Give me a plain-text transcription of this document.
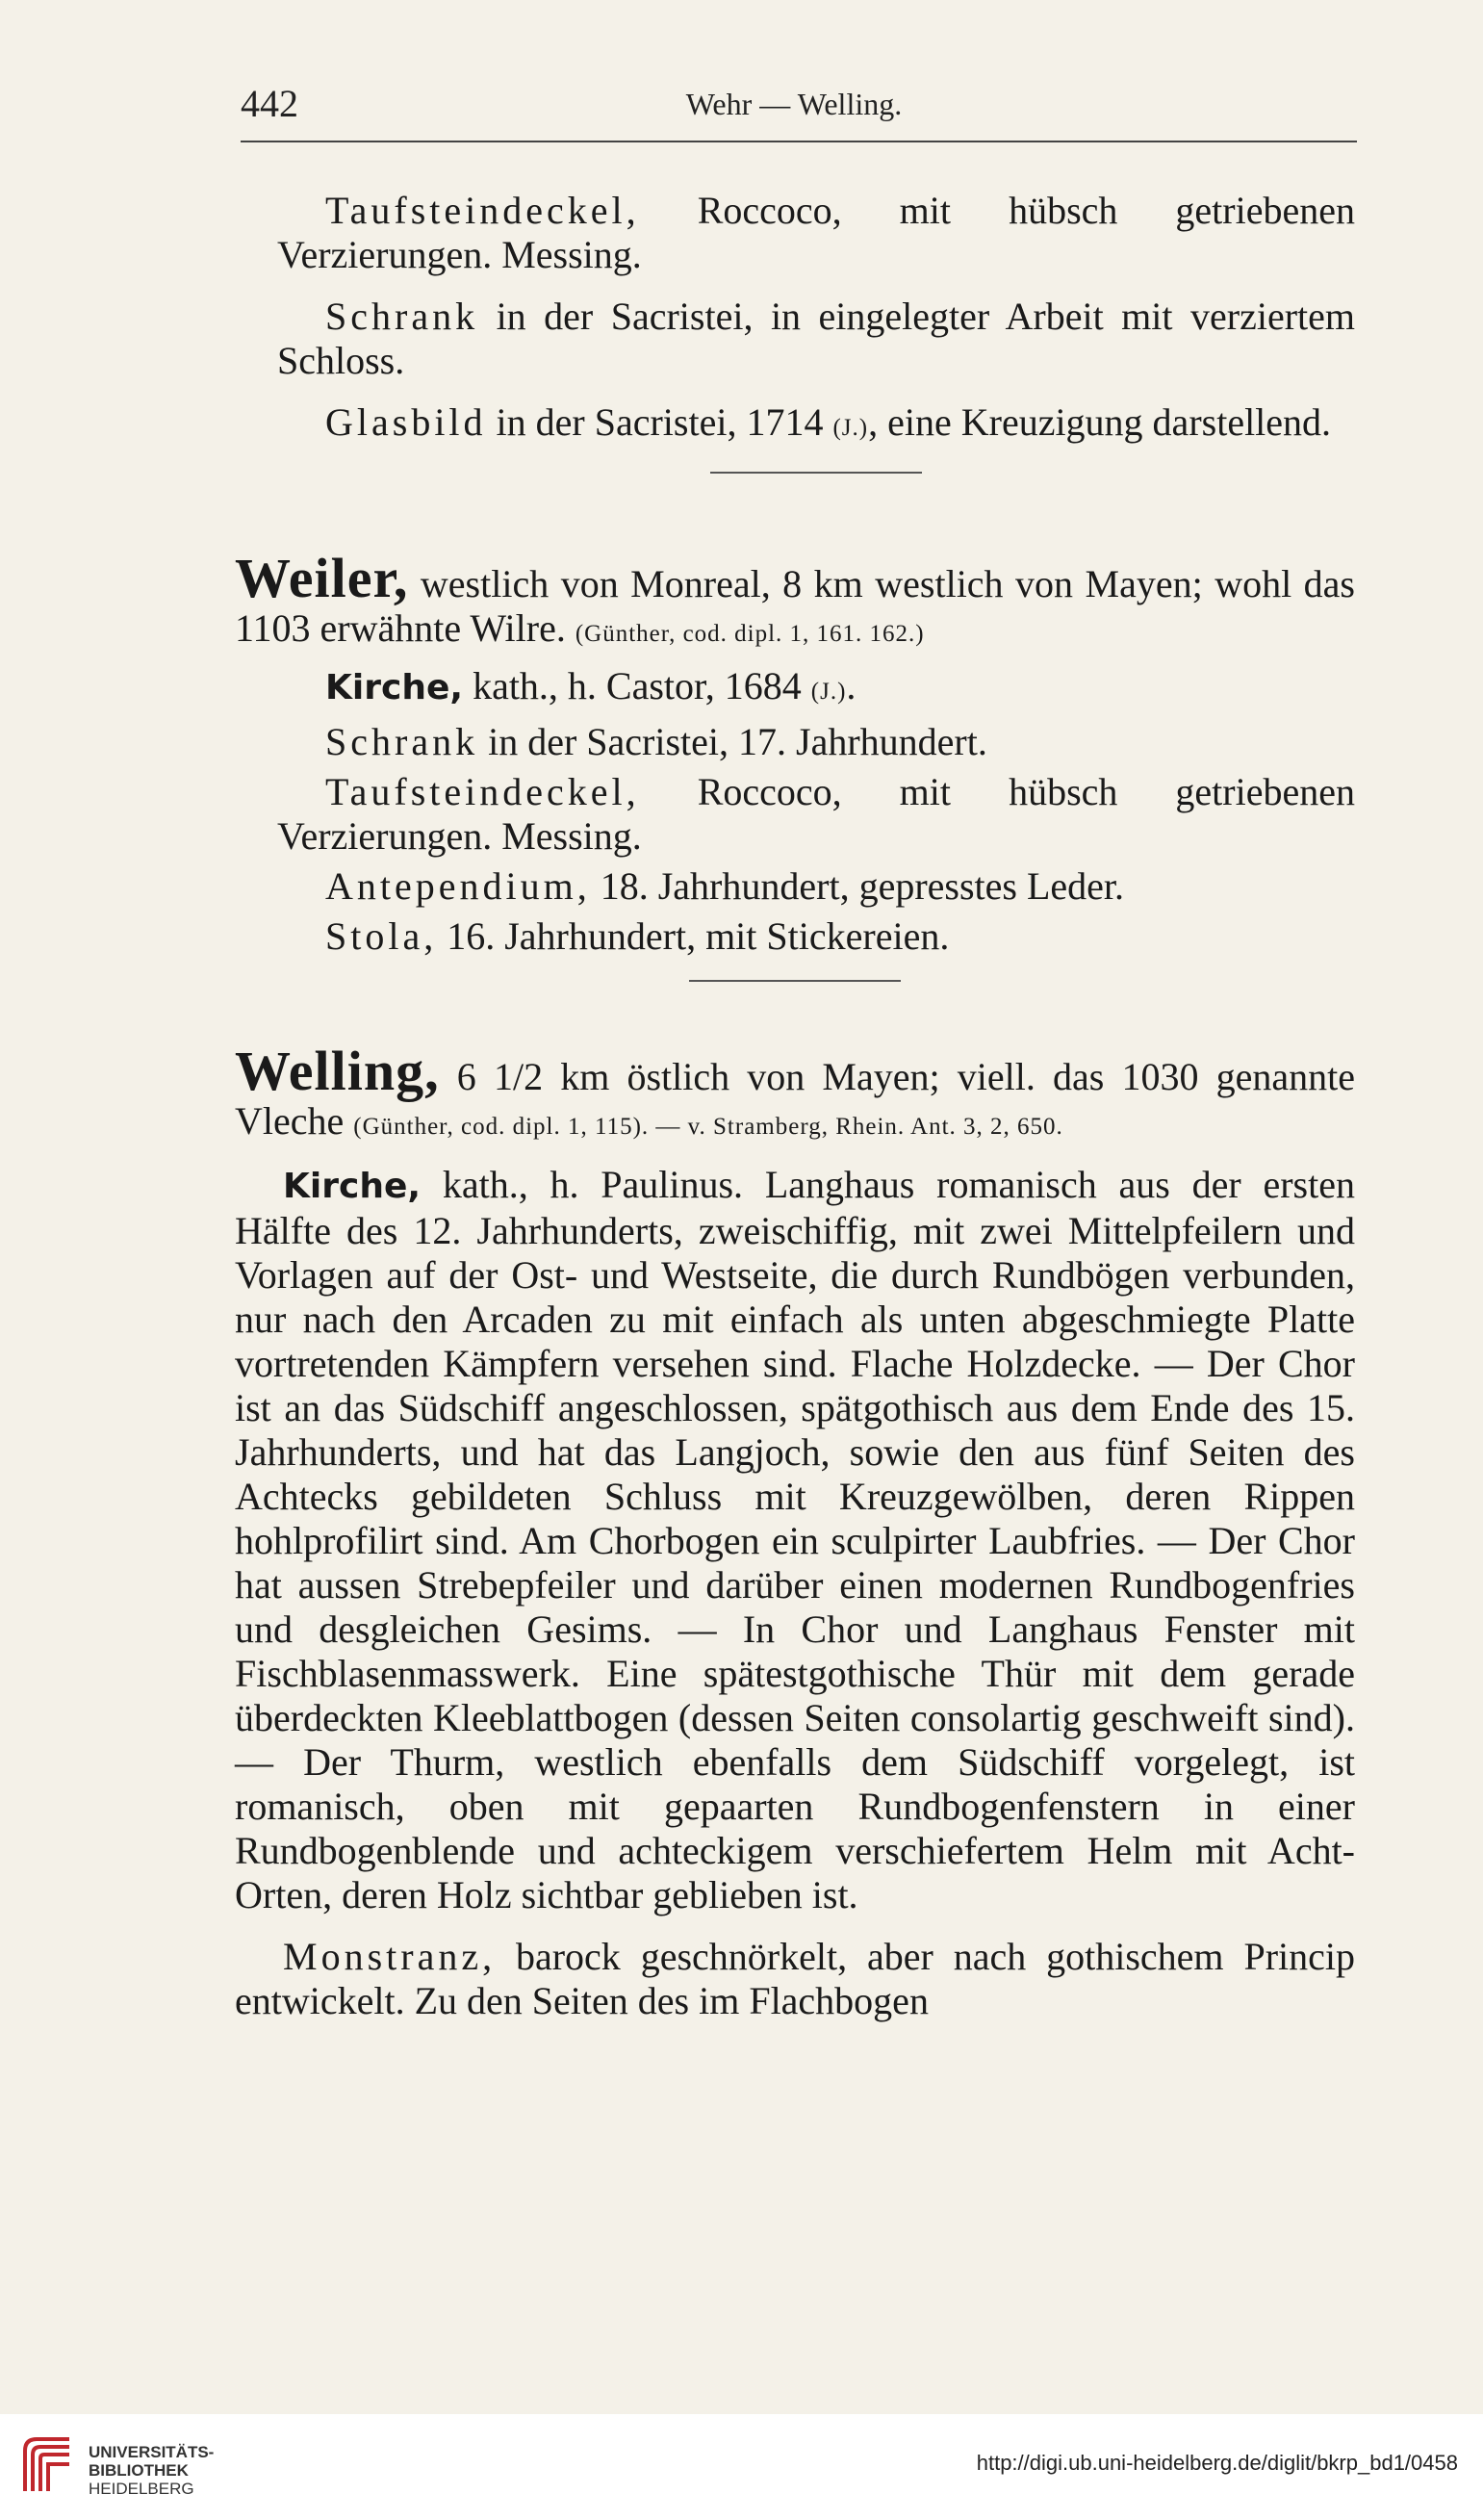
442	Wehr — Welling.

Taufsteindeckel, Roccoco, mit hübsch getriebenen Verzierungen. Messing.

Schrank in der Sacristei, in eingelegter Arbeit mit verziertem Schloss.

Glasbild in der Sacristei, 1714 (J.), eine Kreuzigung darstellend.

Weiler, westlich von Monreal, 8 km westlich von Mayen; wohl das 1103 erwähnte Wilre. (Günther, cod. dipl. 1, 161. 162.)

Kirche, kath., h. Castor, 1684 (J.).

Schrank in der Sacristei, 17. Jahrhundert.

Taufsteindeckel, Roccoco, mit hübsch getriebenen Verzierungen. Messing.

Antependium, 18. Jahrhundert, gepresstes Leder.

Stola, 16. Jahrhundert, mit Stickereien.

Welling, 6 1/2 km östlich von Mayen; viell. das 1030 genannte Vleche (Günther, cod. dipl. 1, 115). — v. Stramberg, Rhein. Ant. 3, 2, 650.

Kirche, kath., h. Paulinus. Langhaus romanisch aus der ersten Hälfte des 12. Jahrhunderts, zweischiffig, mit zwei Mittelpfeilern und Vorlagen auf der Ost- und Westseite, die durch Rundbögen verbunden, nur nach den Arcaden zu mit einfach als unten abgeschmiegte Platte vortretenden Kämpfern versehen sind. Flache Holzdecke. — Der Chor ist an das Südschiff angeschlossen, spätgothisch aus dem Ende des 15. Jahrhunderts, und hat das Langjoch, sowie den aus fünf Seiten des Achtecks gebildeten Schluss mit Kreuzgewölben, deren Rippen hohlprofilirt sind. Am Chorbogen ein sculpirter Laubfries. — Der Chor hat aussen Strebepfeiler und darüber einen modernen Rundbogenfries und desgleichen Gesims. — In Chor und Langhaus Fenster mit Fischblasenmasswerk. Eine spätestgothische Thür mit dem gerade überdeckten Kleeblattbogen (dessen Seiten consolartig geschweift sind). — Der Thurm, westlich ebenfalls dem Südschiff vorgelegt, ist romanisch, oben mit gepaarten Rundbogenfenstern in einer Rundbogenblende und achteckigem verschiefertem Helm mit Acht-Orten, deren Holz sichtbar geblieben ist.

Monstranz, barock geschnörkelt, aber nach gothischem Princip entwickelt. Zu den Seiten des im Flachbogen

UNIVERSITÄTS-
BIBLIOTHEK
HEIDELBERG
http://digi.ub.uni-heidelberg.de/diglit/bkrp_bd1/0458
